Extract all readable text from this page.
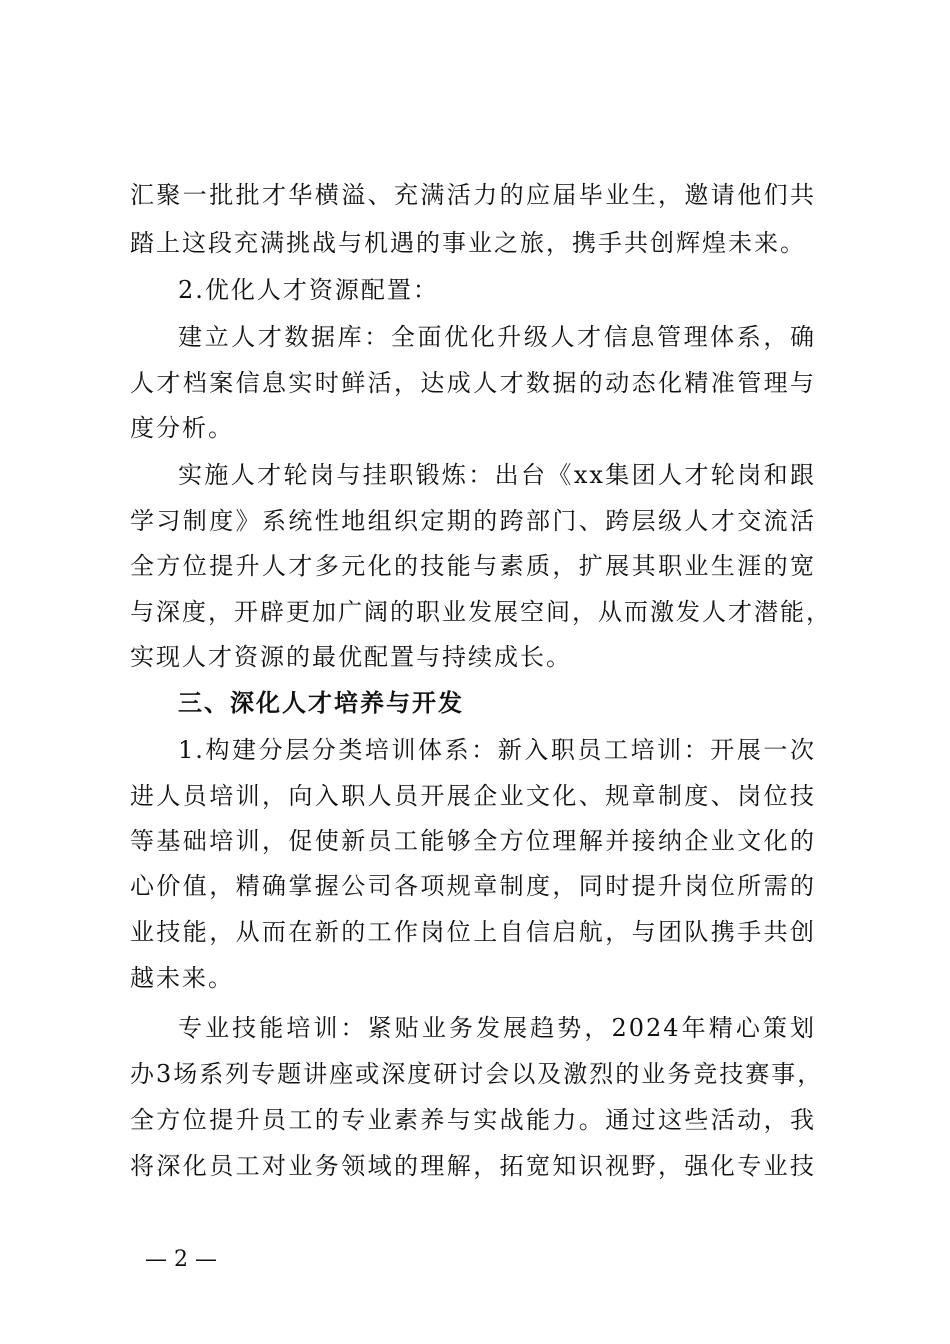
汇聚一批批才华横溢、充满活力的应届毕业生，邀请他们共
踏上这段充满挑战与机遇的事业之旅，携手共创辉煌未来。
2.优化人才资源配置：
建立人才数据库：全面优化升级人才信息管理体系，确
人才档案信息实时鲜活，达成人才数据的动态化精准管理与
度分析。
实施人才轮岗与挂职锻炼：出台《xx集团人才轮岗和跟
学习制度》系统性地组织定期的跨部门、跨层级人才交流活
全方位提升人才多元化的技能与素质，扩展其职业生涯的宽
与深度，开辟更加广阔的职业发展空间，从而激发人才潜能，
实现人才资源的最优配置与持续成长。
三、深化人才培养与开发
1.构建分层分类培训体系：新入职员工培训：开展一次
进人员培训，向入职人员开展企业文化、规章制度、岗位技
等基础培训，促使新员工能够全方位理解并接纳企业文化的
心价值，精确掌握公司各项规章制度，同时提升岗位所需的
业技能，从而在新的工作岗位上自信启航，与团队携手共创
越未来。
专业技能培训：紧贴业务发展趋势，2024年精心策划
办3场系列专题讲座或深度研讨会以及激烈的业务竞技赛事，
全方位提升员工的专业素养与实战能力。通过这些活动，我
将深化员工对业务领域的理解，拓宽知识视野，强化专业技
— 2 —
